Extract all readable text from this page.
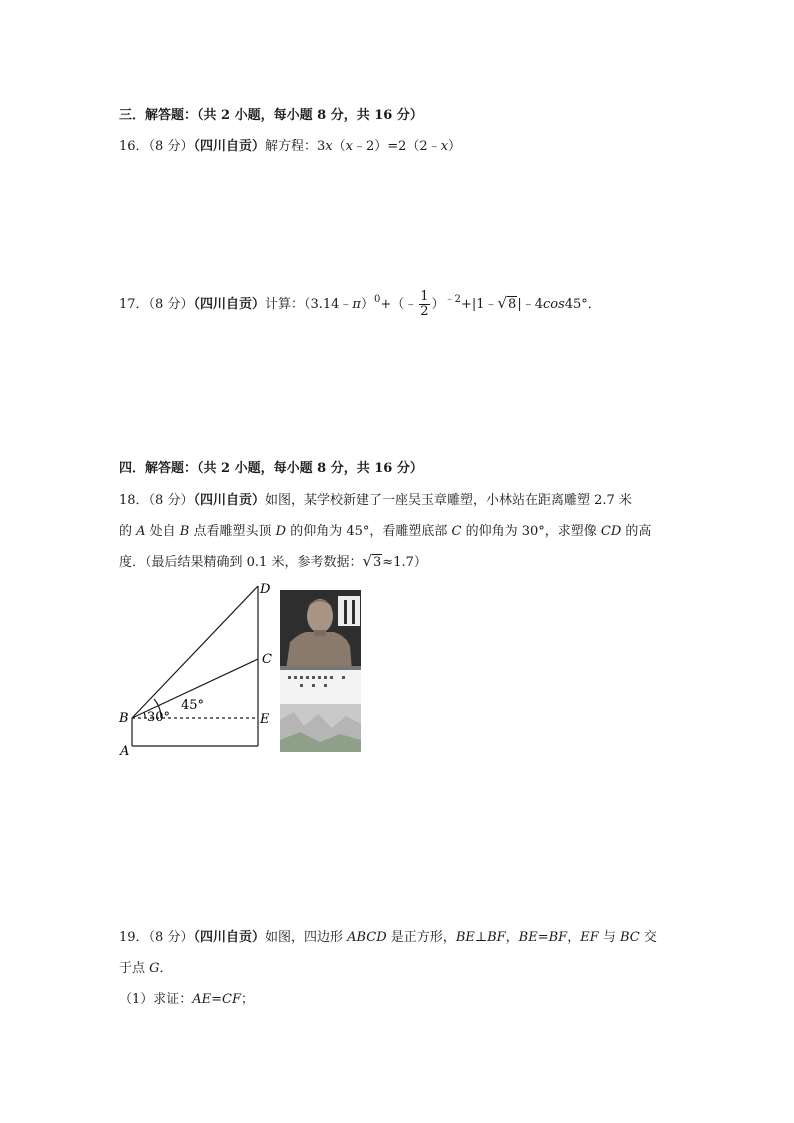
三．解答题：（共 2 小题，每小题 8 分，共 16 分）
16．（8 分）（四川自贡）解方程：3x（x﹣2）=2（2﹣x）
17．（8 分）（四川自贡）计算：（3.14﹣π）$^0$+（﹣ $\frac{1}{2}$ ）$^{﹣2}$+|1﹣√8|﹣4cos45°．
四．解答题：（共 2 小题，每小题 8 分，共 16 分）
18．（8 分）（四川自贡）如图，某学校新建了一座吴玉章雕塑，小林站在距离雕塑 2.7 米
的 A 处自 B 点看雕塑头顶 D 的仰角为 45°，看雕塑底部 C 的仰角为 30°，求塑像 CD 的高
度．（最后结果精确到 0.1 米，参考数据：√3≈1.7）
D
C
B	E
A
45°
30°
19．（8 分）（四川自贡）如图，四边形 ABCD 是正方形，BE⊥BF，BE=BF，EF 与 BC 交
于点 G．
（1）求证：AE=CF；
